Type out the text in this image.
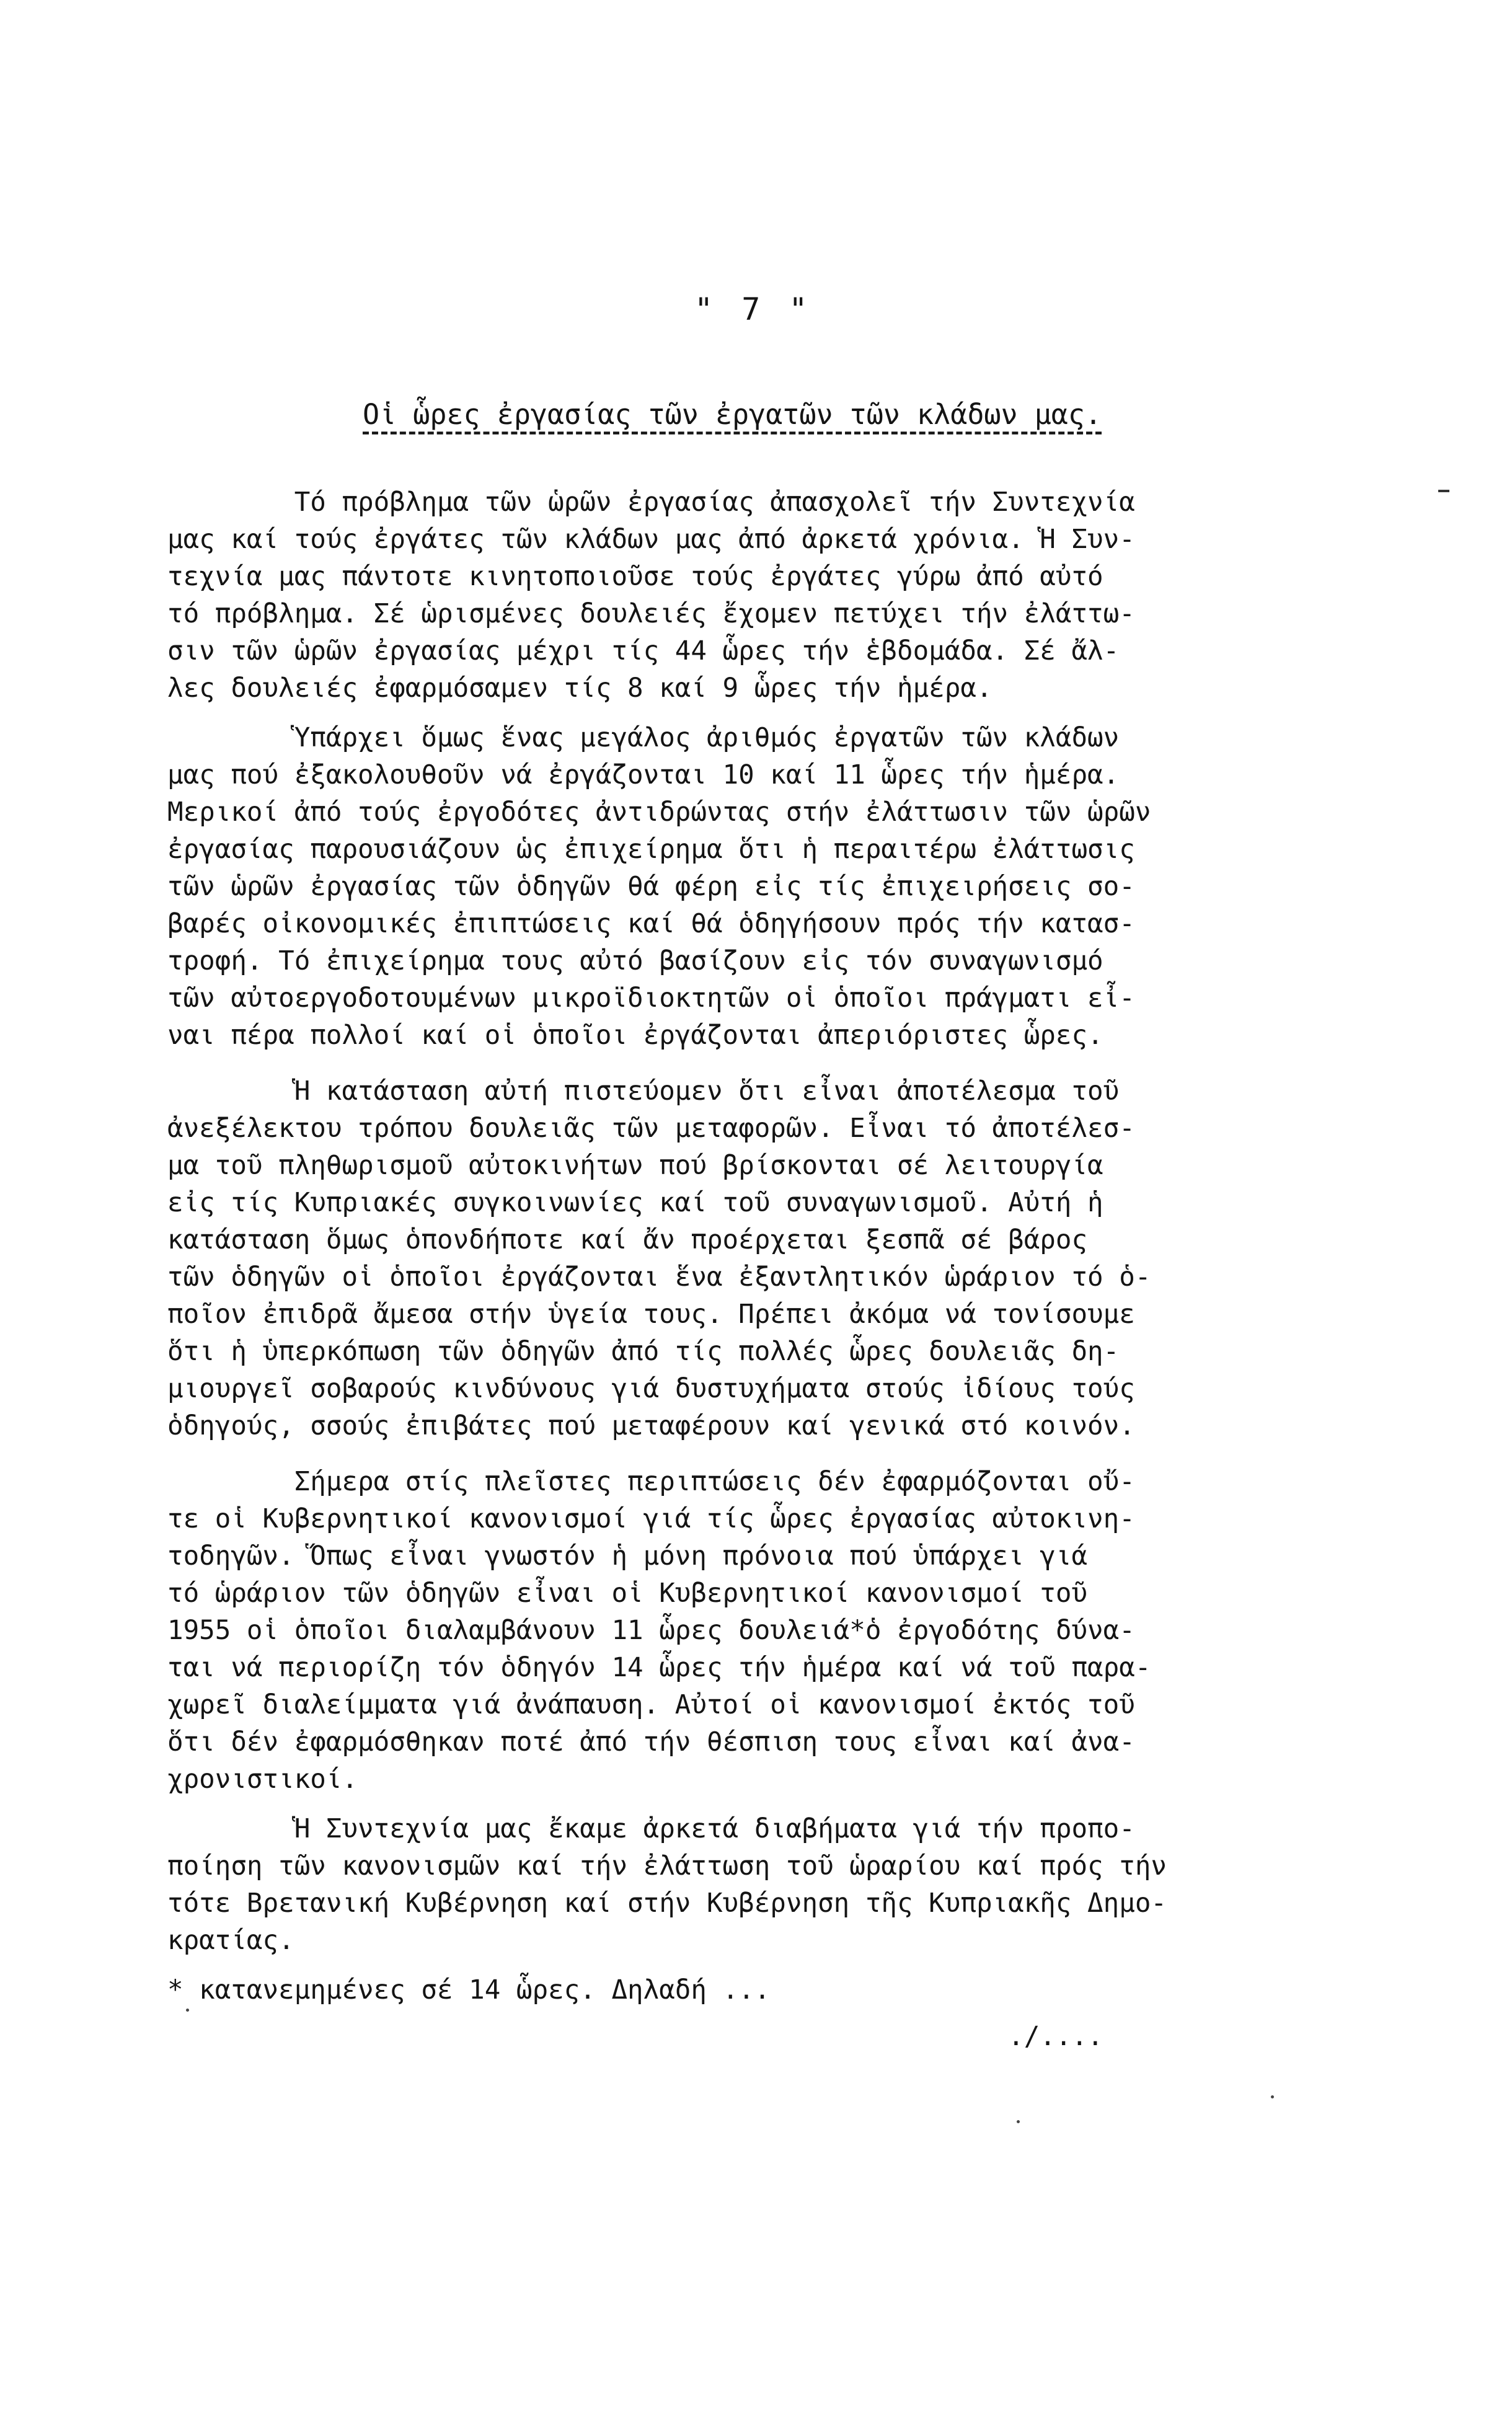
" 7 "
Οἱ ὧρες ἐργασίας τῶν ἐργατῶν τῶν κλάδων μας.
Τό πρόβλημα τῶν ὡρῶν ἐργασίας ἀπασχολεῖ τήν Συντεχνία
μας καί τούς ἐργάτες τῶν κλάδων μας ἀπό ἀρκετά χρόνια. Ἡ Συν-
τεχνία μας πάντοτε κινητοποιοῦσε τούς ἐργάτες γύρω ἀπό αὐτό
τό πρόβλημα. Σέ ὡρισμένες δουλειές ἔχομεν πετύχει τήν ἐλάττω-
σιν τῶν ὡρῶν ἐργασίας μέχρι τίς 44 ὧρες τήν ἑβδομάδα. Σέ ἄλ-
λες δουλειές ἐφαρμόσαμεν τίς 8 καί 9 ὧρες τήν ἡμέρα.
Ὑπάρχει ὅμως ἕνας μεγάλος ἀριθμός ἐργατῶν τῶν κλάδων
μας πού ἐξακολουθοῦν νά ἐργάζονται 10 καί 11 ὧρες τήν ἡμέρα.
Μερικοί ἀπό τούς ἐργοδότες ἀντιδρώντας στήν ἐλάττωσιν τῶν ὡρῶν
ἐργασίας παρουσιάζουν ὡς ἐπιχείρημα ὅτι ἡ περαιτέρω ἐλάττωσις
τῶν ὡρῶν ἐργασίας τῶν ὁδηγῶν θά φέρη εἰς τίς ἐπιχειρήσεις σο-
βαρές οἰκονομικές ἐπιπτώσεις καί θά ὁδηγήσουν πρός τήν κατασ-
τροφή. Τό ἐπιχείρημα τους αὐτό βασίζουν εἰς τόν συναγωνισμό
τῶν αὐτοεργοδοτουμένων μικροϊδιοκτητῶν οἱ ὁποῖοι πράγματι εἶ-
ναι πέρα πολλοί καί οἱ ὁποῖοι ἐργάζονται ἀπεριόριστες ὧρες.
Ἡ κατάσταση αὐτή πιστεύομεν ὅτι εἶναι ἀποτέλεσμα τοῦ
ἀνεξέλεκτου τρόπου δουλειᾶς τῶν μεταφορῶν. Εἶναι τό ἀποτέλεσ-
μα τοῦ πληθωρισμοῦ αὐτοκινήτων πού βρίσκονται σέ λειτουργία
εἰς τίς Κυπριακές συγκοινωνίες καί τοῦ συναγωνισμοῦ. Αὐτή ἡ
κατάσταση ὅμως ὁπονδήποτε καί ἄν προέρχεται ξεσπᾶ σέ βάρος
τῶν ὁδηγῶν οἱ ὁποῖοι ἐργάζονται ἕνα ἐξαντλητικόν ὡράριον τό ὁ-
ποῖον ἐπιδρᾶ ἄμεσα στήν ὑγεία τους. Πρέπει ἀκόμα νά τονίσουμε
ὅτι ἡ ὑπερκόπωση τῶν ὁδηγῶν ἀπό τίς πολλές ὧρες δουλειᾶς δη-
μιουργεῖ σοβαρούς κινδύνους γιά δυστυχήματα στούς ἰδίους τούς
ὁδηγούς, σσούς ἐπιβάτες πού μεταφέρουν καί γενικά στό κοινόν.
Σήμερα στίς πλεῖστες περιπτώσεις δέν ἐφαρμόζονται οὔ-
τε οἱ Κυβερνητικοί κανονισμοί γιά τίς ὧρες ἐργασίας αὐτοκινη-
τοδηγῶν. Ὅπως εἶναι γνωστόν ἡ μόνη πρόνοια πού ὑπάρχει γιά
τό ὡράριον τῶν ὁδηγῶν εἶναι οἱ Κυβερνητικοί κανονισμοί τοῦ
1955 οἱ ὁποῖοι διαλαμβάνουν 11 ὧρες δουλειά*ὁ ἐργοδότης δύνα-
ται νά περιορίζη τόν ὁδηγόν 14 ὧρες τήν ἡμέρα καί νά τοῦ παρα-
χωρεῖ διαλείμματα γιά ἀνάπαυση. Αὐτοί οἱ κανονισμοί ἐκτός τοῦ
ὅτι δέν ἐφαρμόσθηκαν ποτέ ἀπό τήν θέσπιση τους εἶναι καί ἀνα-
χρονιστικοί.
Ἡ Συντεχνία μας ἔκαμε ἀρκετά διαβήματα γιά τήν προπο-
ποίηση τῶν κανονισμῶν καί τήν ἐλάττωση τοῦ ὡραρίου καί πρός τήν
τότε Βρετανική Κυβέρνηση καί στήν Κυβέρνηση τῆς Κυπριακῆς Δημο-
κρατίας.
* κατανεμημένες σέ 14 ὧρες. Δηλαδή ...
./....
